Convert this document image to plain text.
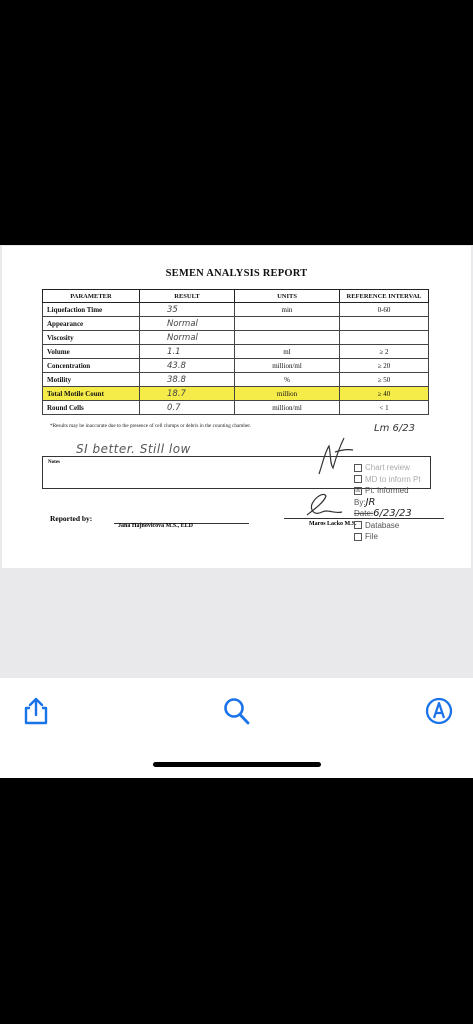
SEMEN ANALYSIS REPORT
PARAMETER	RESULT	UNITS	REFERENCE INTERVAL
Liquefaction Time	35	min	0-60
Appearance	Normal		
Viscosity	Normal		
Volume	1.1	ml	≥ 2
Concentration	43.8	million/ml	≥ 20
Motility	38.8	%	≥ 50
Total Motile Count	18.7	million	≥ 40
Round Cells	0.7	million/ml	< 1
*Results may be inaccurate due to the presence of cell clumps or debris in the counting chamber.	Lm 6/23
Notes
SI better. Still low
Reported by:
Jana Hajnovicova M.S., ELD	Maros Lacko M.S.
Chart review
MD to inform Pt
☒ Pt. Informed
By: JR
Date: 6/23/23
Database
File
